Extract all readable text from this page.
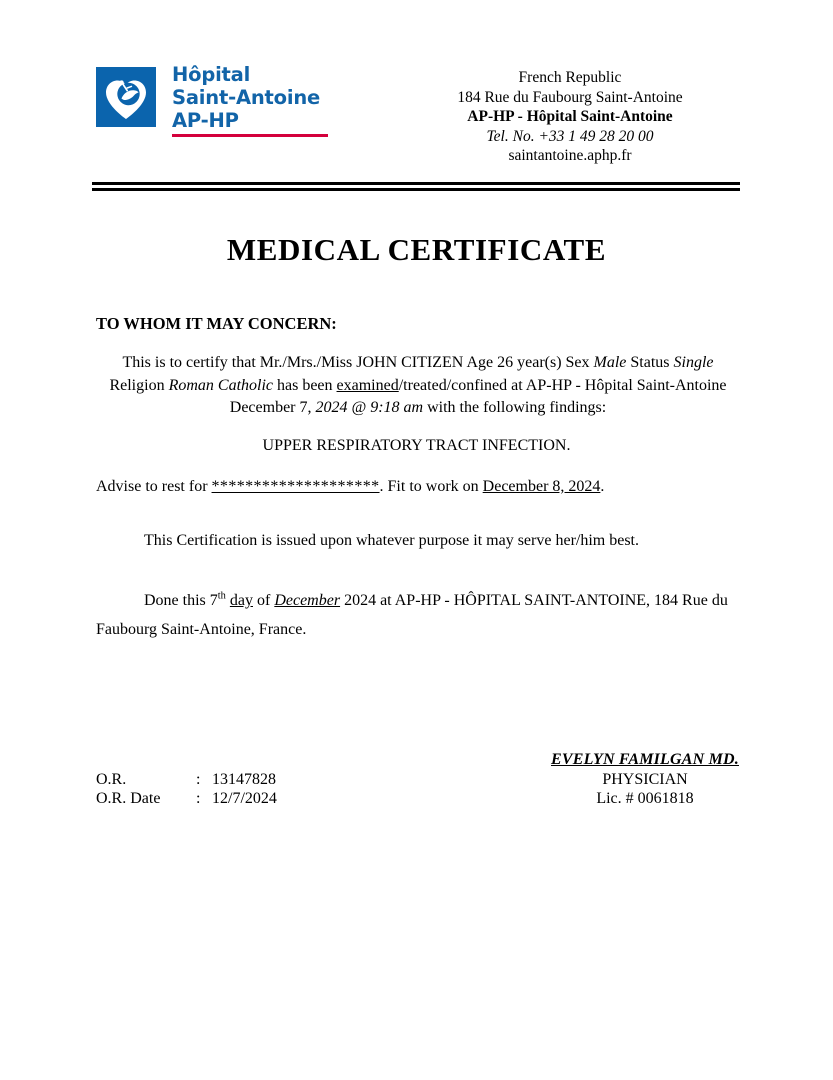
Hôpital
Saint-Antoine
AP-HP
French Republic
184 Rue du Faubourg Saint-Antoine
AP-HP - Hôpital Saint-Antoine
Tel. No. +33 1 49 28 20 00
saintantoine.aphp.fr
MEDICAL CERTIFICATE
TO WHOM IT MAY CONCERN:
This is to certify that Mr./Mrs./Miss JOHN CITIZEN Age 26 year(s) Sex Male Status Single Religion Roman Catholic has been examined/treated/confined at AP-HP - Hôpital Saint-Antoine December 7, 2024 @ 9:18 am with the following findings:
UPPER RESPIRATORY TRACT INFECTION.
Advise to rest for ********************. Fit to work on December 8, 2024.
This Certification is issued upon whatever purpose it may serve her/him best.
Done this 7th day of December 2024 at AP-HP - HÔPITAL SAINT-ANTOINE, 184 Rue du Faubourg Saint-Antoine, France.
O.R.	: 13147828
O.R. Date : 12/7/2024
EVELYN FAMILGAN MD.
PHYSICIAN
Lic. # 0061818
